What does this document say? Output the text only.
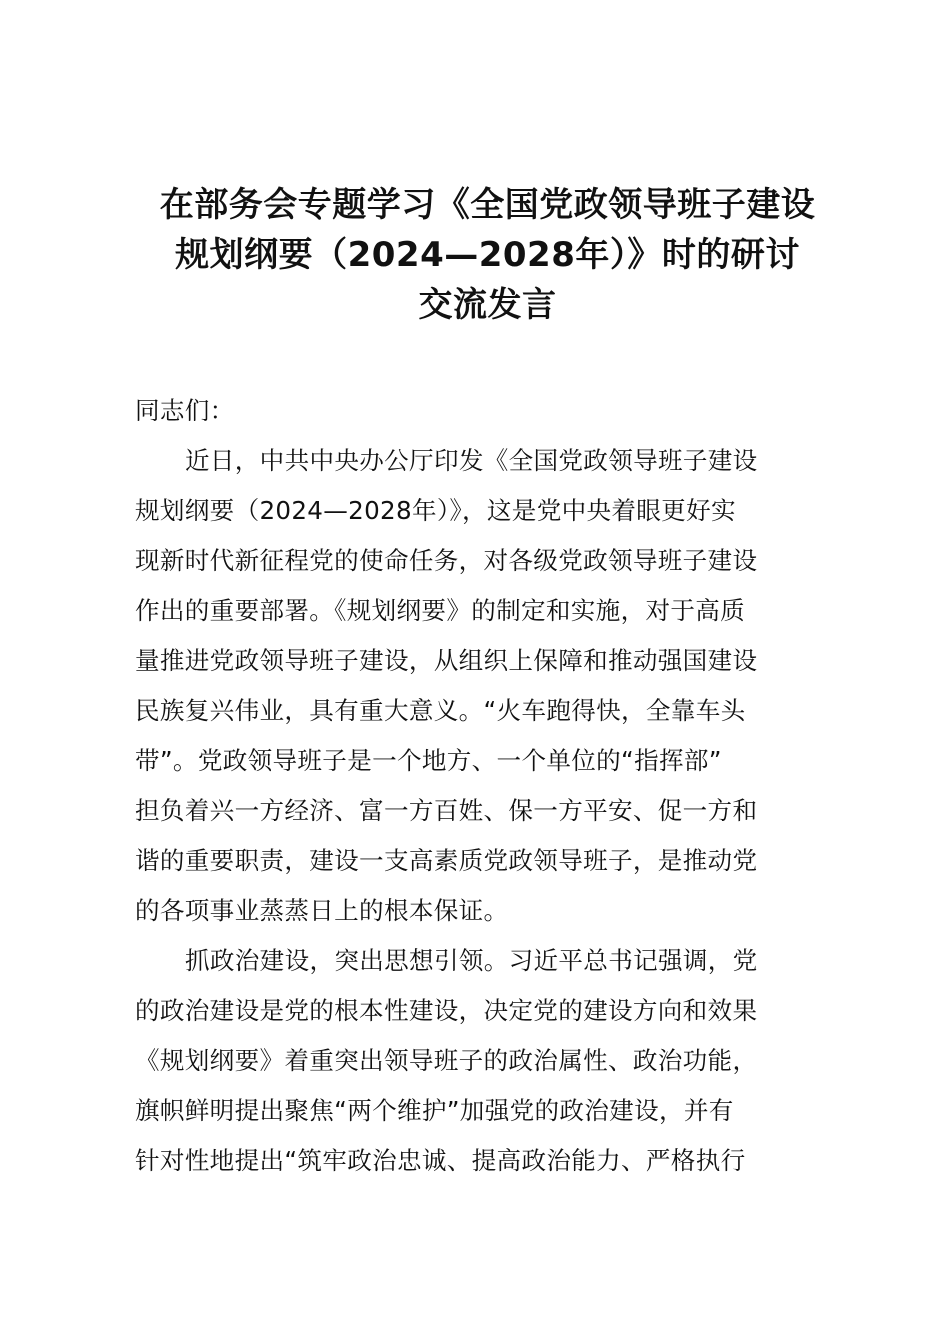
在部务会专题学习《全国党政领导班子建设
规划纲要（2024—2028年）》时的研讨
交流发言
同志们：
近日，中共中央办公厅印发《全国党政领导班子建设
规划纲要（2024—2028年）》，这是党中央着眼更好实
现新时代新征程党的使命任务，对各级党政领导班子建设
作出的重要部署。《规划纲要》的制定和实施，对于高质
量推进党政领导班子建设，从组织上保障和推动强国建设
民族复兴伟业，具有重大意义。“火车跑得快，全靠车头
带”。党政领导班子是一个地方、一个单位的“指挥部”
担负着兴一方经济、富一方百姓、保一方平安、促一方和
谐的重要职责，建设一支高素质党政领导班子，是推动党
的各项事业蒸蒸日上的根本保证。
抓政治建设，突出思想引领。习近平总书记强调，党
的政治建设是党的根本性建设，决定党的建设方向和效果
《规划纲要》着重突出领导班子的政治属性、政治功能，
旗帜鲜明提出聚焦“两个维护”加强党的政治建设，并有
针对性地提出“筑牢政治忠诚、提高政治能力、严格执行
